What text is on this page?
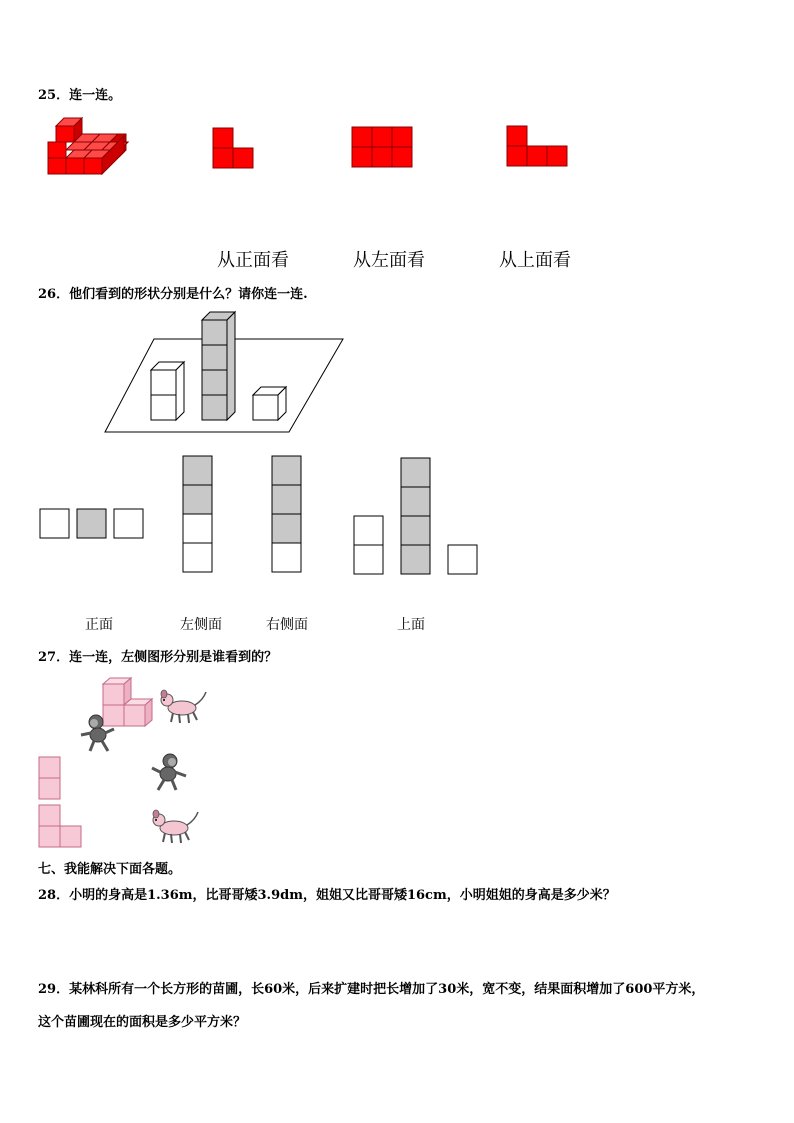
25．连一连。
从正面看	从左面看	从上面看
26．他们看到的形状分别是什么？请你连一连.
正面	左侧面	右侧面	上面
27．连一连，左侧图形分别是谁看到的？
七、我能解决下面各题。
28．小明的身高是1.36m，比哥哥矮3.9dm，姐姐又比哥哥矮16cm，小明姐姐的身高是多少米？
29．某林科所有一个长方形的苗圃，长60米，后来扩建时把长增加了30米，宽不变，结果面积增加了600平方米，
这个苗圃现在的面积是多少平方米？
